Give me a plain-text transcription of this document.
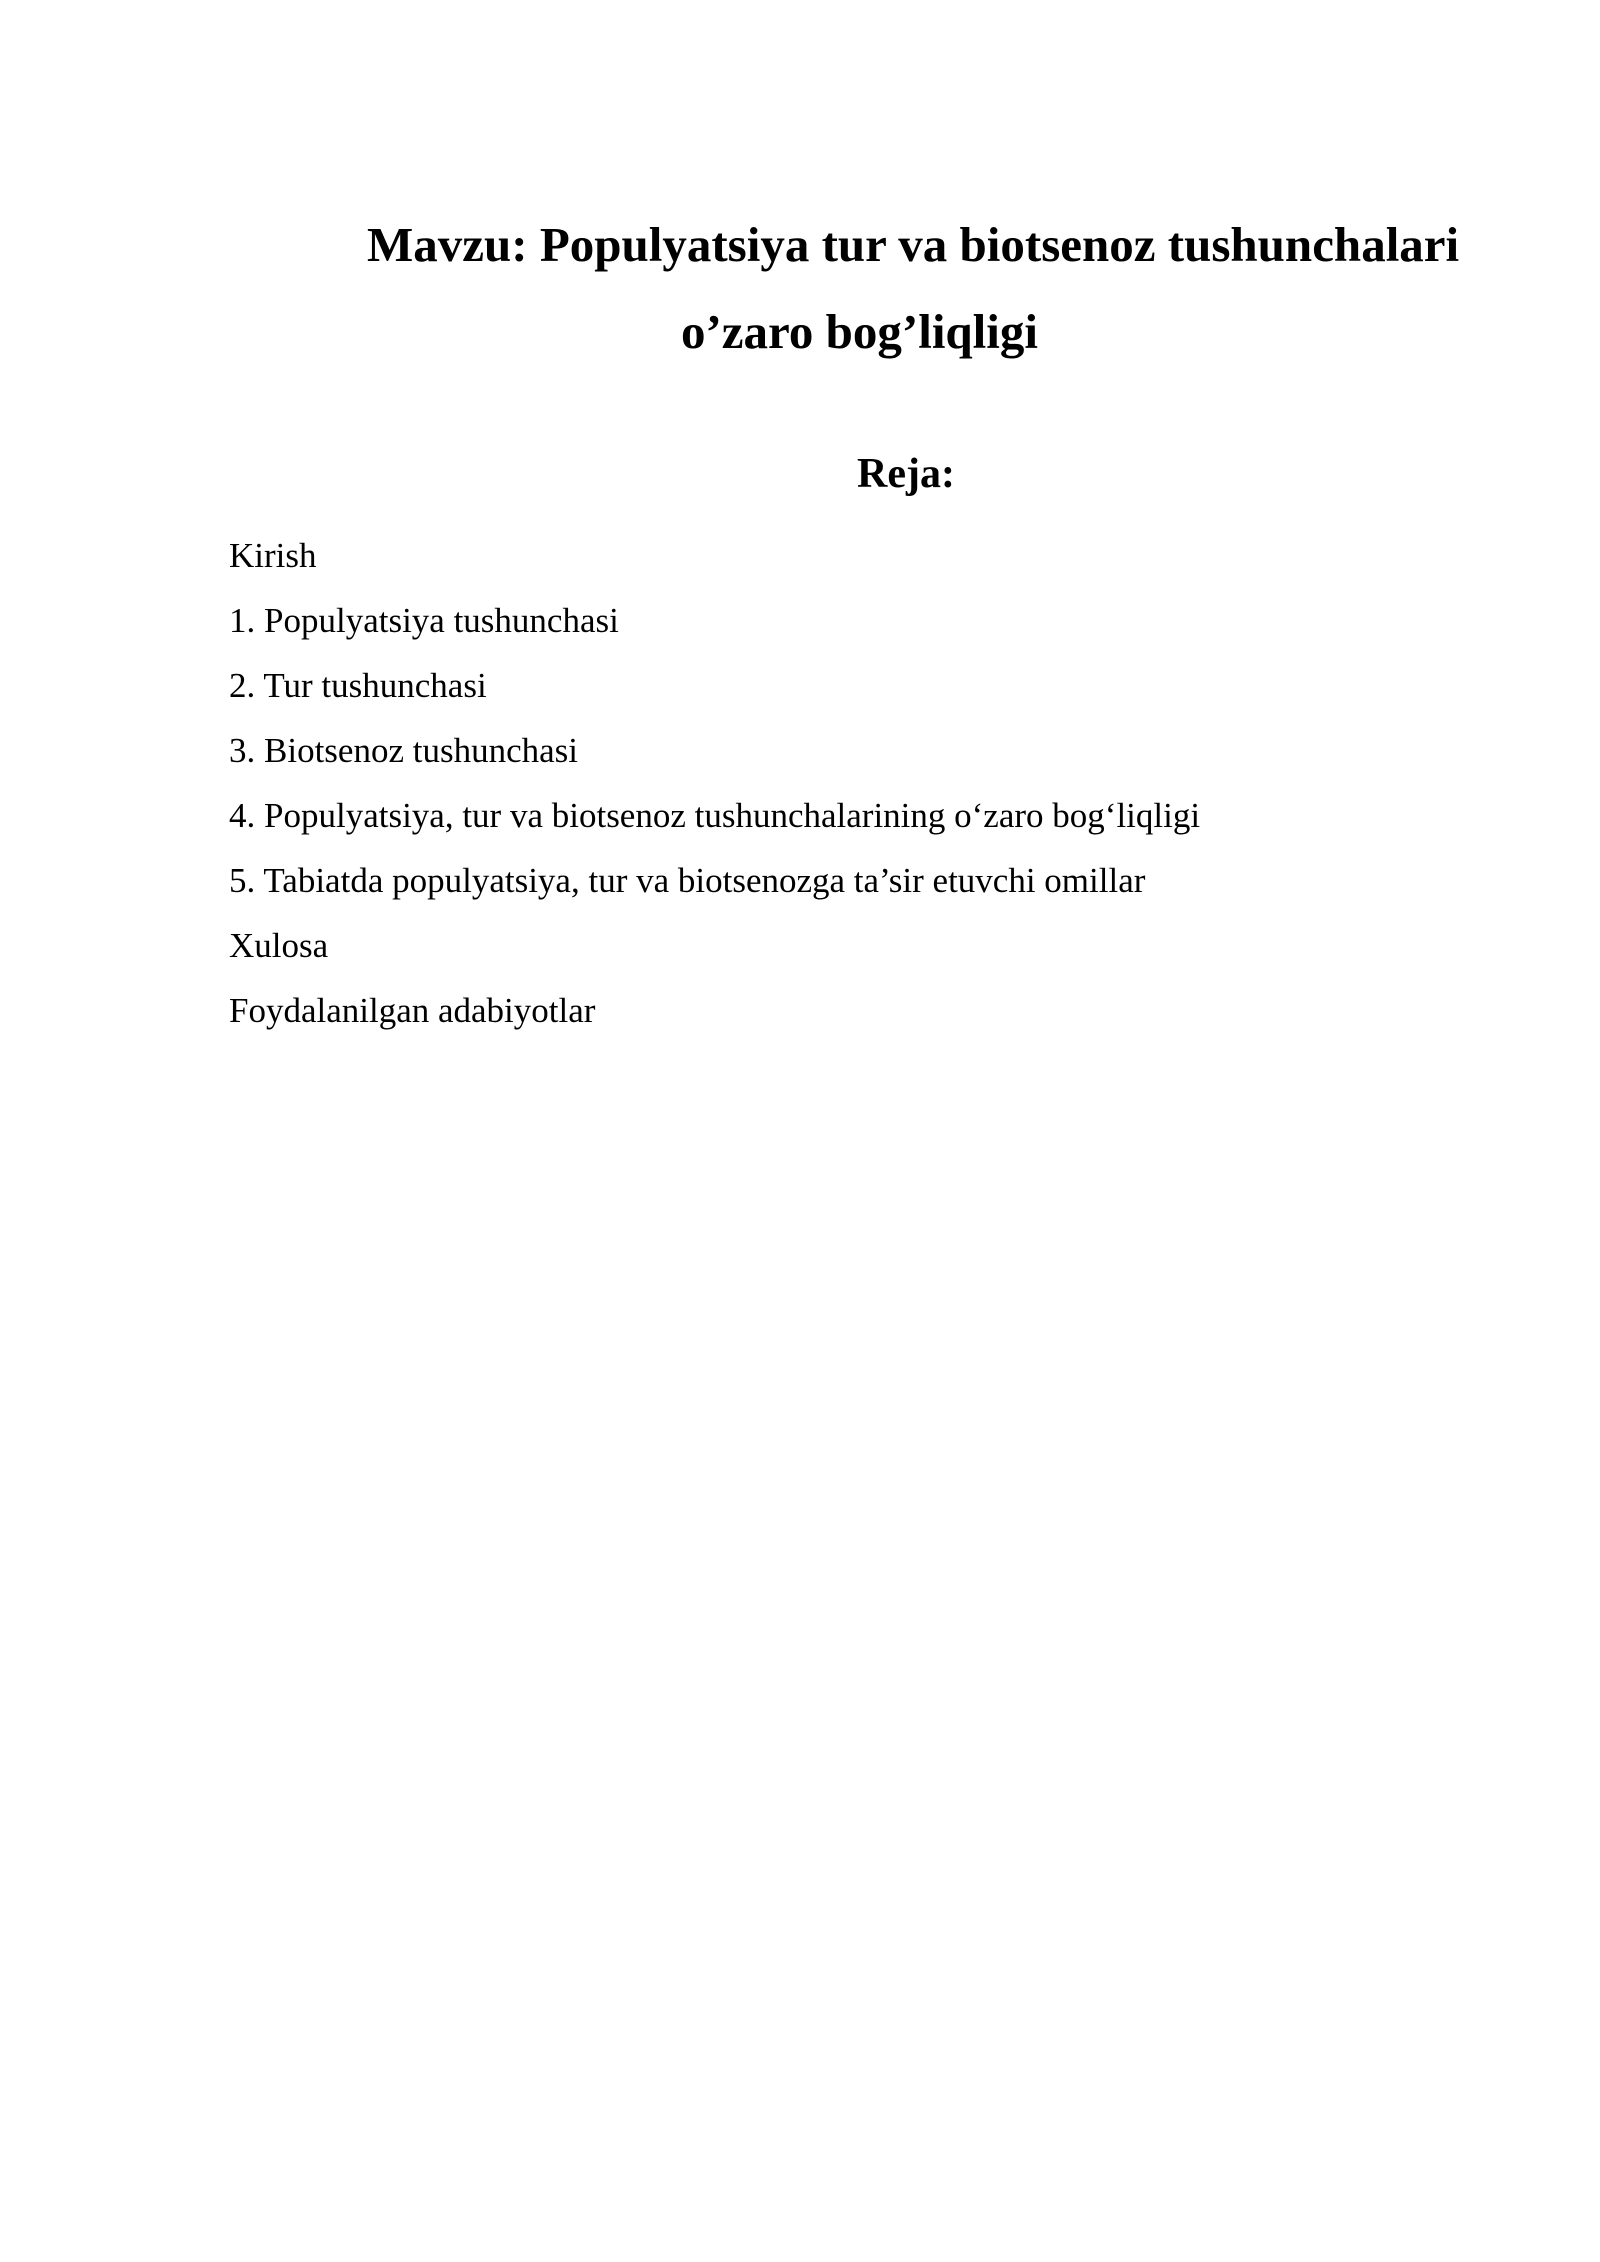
Mavzu: Populyatsiya tur va biotsenoz tushunchalari
o’zaro bog’liqligi
Reja:
Kirish
1. Populyatsiya tushunchasi
2. Tur tushunchasi
3. Biotsenoz tushunchasi
4. Populyatsiya, tur va biotsenoz tushunchalarining o‘zaro bog‘liqligi
5. Tabiatda populyatsiya, tur va biotsenozga ta’sir etuvchi omillar
Xulosa
Foydalanilgan adabiyotlar
